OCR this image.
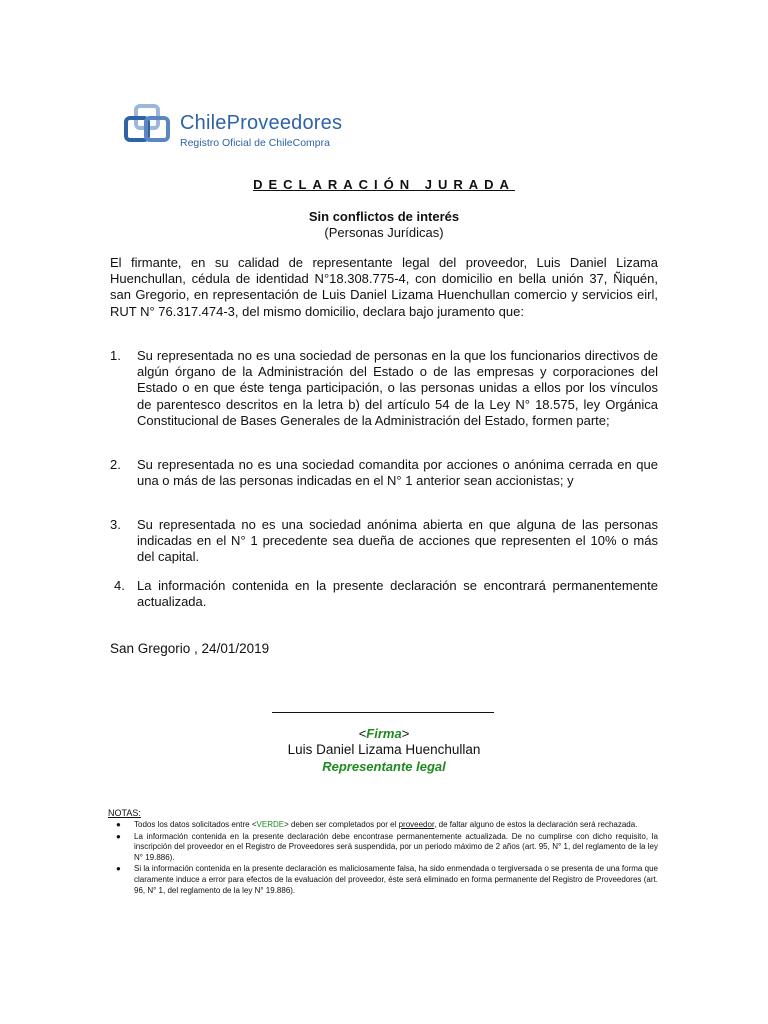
ChileProveedores
Registro Oficial de ChileCompra
DECLARACIÓN JURADA
Sin conflictos de interés
(Personas Jurídicas)
El firmante, en su calidad de representante legal del proveedor, Luis Daniel Lizama Huenchullan, cédula de identidad N°18.308.775-4, con domicilio en bella unión 37, Ñiquén, san Gregorio, en representación de Luis Daniel Lizama Huenchullan comercio y servicios eirl, RUT N° 76.317.474-3, del mismo domicilio, declara bajo juramento que:
1. Su representada no es una sociedad de personas en la que los funcionarios directivos de algún órgano de la Administración del Estado o de las empresas y corporaciones del Estado o en que éste tenga participación, o las personas unidas a ellos por los vínculos de parentesco descritos en la letra b) del artículo 54 de la Ley N° 18.575, ley Orgánica Constitucional de Bases Generales de la Administración del Estado, formen parte;
2. Su representada no es una sociedad comandita por acciones o anónima cerrada en que una o más de las personas indicadas en el N° 1 anterior sean accionistas; y
3. Su representada no es una sociedad anónima abierta en que alguna de las personas indicadas en el N° 1 precedente sea dueña de acciones que representen el 10% o más del capital.
4. La información contenida en la presente declaración se encontrará permanentemente actualizada.
San Gregorio , 24/01/2019
<Firma>
Luis Daniel Lizama Huenchullan
Representante legal
NOTAS:
● Todos los datos solicitados entre <VERDE> deben ser completados por el proveedor, de faltar alguno de estos la declaración será rechazada.
● La información contenida en la presente declaración debe encontrase permanentemente actualizada. De no cumplirse con dicho requisito, la inscripción del proveedor en el Registro de Proveedores será suspendida, por un periodo máximo de 2 años (art. 95, N° 1, del reglamento de la ley N° 19.886).
● Si la información contenida en la presente declaración es maliciosamente falsa, ha sido enmendada o tergiversada o se presenta de una forma que claramente induce a error para efectos de la evaluación del proveedor, éste será eliminado en forma permanente del Registro de Proveedores (art. 96, N° 1, del reglamento de la ley N° 19.886).
